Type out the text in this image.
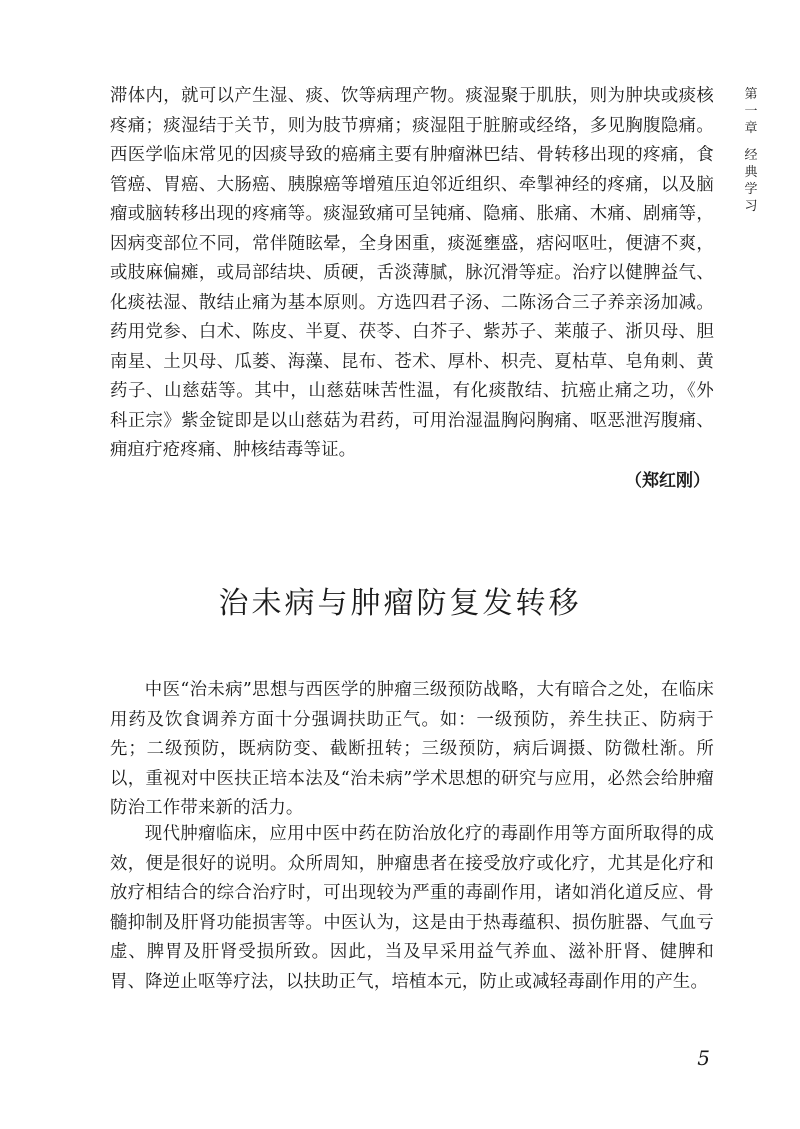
第
一
章
经
典
学
习

滞体内，就可以产生湿、痰、饮等病理产物。痰湿聚于肌肤，则为肿块或痰核疼痛；痰湿结于关节，则为肢节痹痛；痰湿阻于脏腑或经络，多见胸腹隐痛。西医学临床常见的因痰导致的癌痛主要有肿瘤淋巴结、骨转移出现的疼痛，食管癌、胃癌、大肠癌、胰腺癌等增殖压迫邻近组织、牵掣神经的疼痛，以及脑瘤或脑转移出现的疼痛等。痰湿致痛可呈钝痛、隐痛、胀痛、木痛、剧痛等，因病变部位不同，常伴随眩晕，全身困重，痰涎壅盛，痞闷呕吐，便溏不爽，或肢麻偏瘫，或局部结块、质硬，舌淡薄腻，脉沉滑等症。治疗以健脾益气、化痰祛湿、散结止痛为基本原则。方选四君子汤、二陈汤合三子养亲汤加减。药用党参、白术、陈皮、半夏、茯苓、白芥子、紫苏子、莱菔子、浙贝母、胆南星、土贝母、瓜蒌、海藻、昆布、苍术、厚朴、枳壳、夏枯草、皂角刺、黄药子、山慈菇等。其中，山慈菇味苦性温，有化痰散结、抗癌止痛之功，《外科正宗》紫金锭即是以山慈菇为君药，可用治湿温胸闷胸痛、呕恶泄泻腹痛、痈疽疔疮疼痛、肿核结毒等证。

（郑红刚）
治未病与肿瘤防复发转移

中医“治未病”思想与西医学的肿瘤三级预防战略，大有暗合之处，在临床用药及饮食调养方面十分强调扶助正气。如：一级预防，养生扶正、防病于先；二级预防，既病防变、截断扭转；三级预防，病后调摄、防微杜渐。所以，重视对中医扶正培本法及“治未病”学术思想的研究与应用，必然会给肿瘤防治工作带来新的活力。

现代肿瘤临床，应用中医中药在防治放化疗的毒副作用等方面所取得的成效，便是很好的说明。众所周知，肿瘤患者在接受放疗或化疗，尤其是化疗和放疗相结合的综合治疗时，可出现较为严重的毒副作用，诸如消化道反应、骨髓抑制及肝肾功能损害等。中医认为，这是由于热毒蕴积、损伤脏器、气血亏虚、脾胃及肝肾受损所致。因此，当及早采用益气养血、滋补肝肾、健脾和胃、降逆止呕等疗法，以扶助正气，培植本元，防止或减轻毒副作用的产生。

5
